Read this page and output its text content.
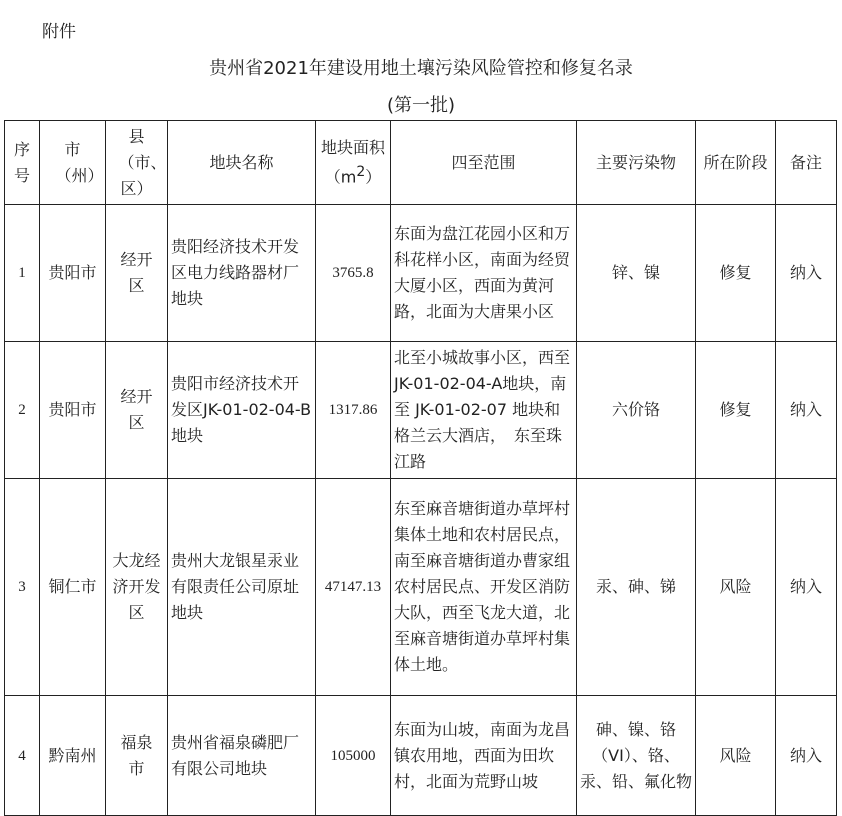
附件
贵州省2021年建设用地土壤污染风险管控和修复名录
(第一批)
序号	市（州）	县（市、区）	地块名称	地块面积$(m^2)$	四至范围	主要污染物	所在阶段	备注
1	贵阳市	经开区	贵阳经济技术开发区电力线路器材厂地块	3765.8	东面为盘江花园小区和万科花样小区，南面为经贸大厦小区，西面为黄河路，北面为大唐果小区	锌、镍	修复	纳入
2	贵阳市	经开区	贵阳市经济技术开发区JK-01-02-04-B 地块	1317.86	北至小城故事小区，西至 JK-01-02-04-A地块，南至 JK-01-02-07 地块和格兰云大酒店，　东至珠江路	六价铬	修复	纳入
3	铜仁市	大龙经济开发区	贵州大龙银星汞业有限责任公司原址地块	47147.13	东至麻音塘街道办草坪村集体土地和农村居民点，南至麻音塘街道办曹家组农村居民点、开发区消防大队，西至飞龙大道，北至麻音塘街道办草坪村集体土地。	汞、砷、锑	风险	纳入
4	黔南州	福泉市	贵州省福泉磷肥厂有限公司地块	105000	东面为山坡，南面为龙昌镇农用地，西面为田坎村，北面为荒野山坡	砷、镍、铬（VI）、铬、汞、铅、氟化物	风险	纳入
